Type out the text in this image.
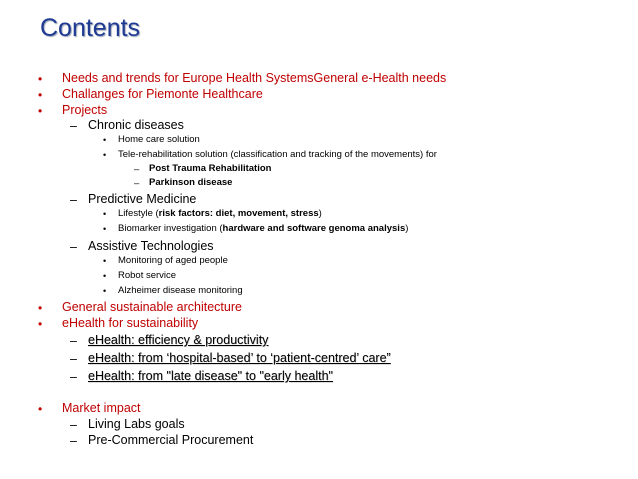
Contents
• Needs and trends for Europe Health SystemsGeneral e-Health needs
• Challanges for Piemonte Healthcare
• Projects
– Chronic diseases
• Home care solution
• Tele-rehabilitation solution (classification and tracking of the movements) for
– Post Trauma Rehabilitation
– Parkinson disease
– Predictive Medicine
• Lifestyle (risk factors: diet, movement, stress)
• Biomarker investigation (hardware and software genoma analysis)
– Assistive Technologies
• Monitoring of aged people
• Robot service
• Alzheimer disease monitoring
• General sustainable architecture
• eHealth for sustainability
– eHealth: efficiency & productivity
– eHealth: from ‘hospital-based’ to ‘patient-centred’ care”
– eHealth: from "late disease" to "early health"
• Market impact
– Living Labs goals
– Pre-Commercial Procurement
